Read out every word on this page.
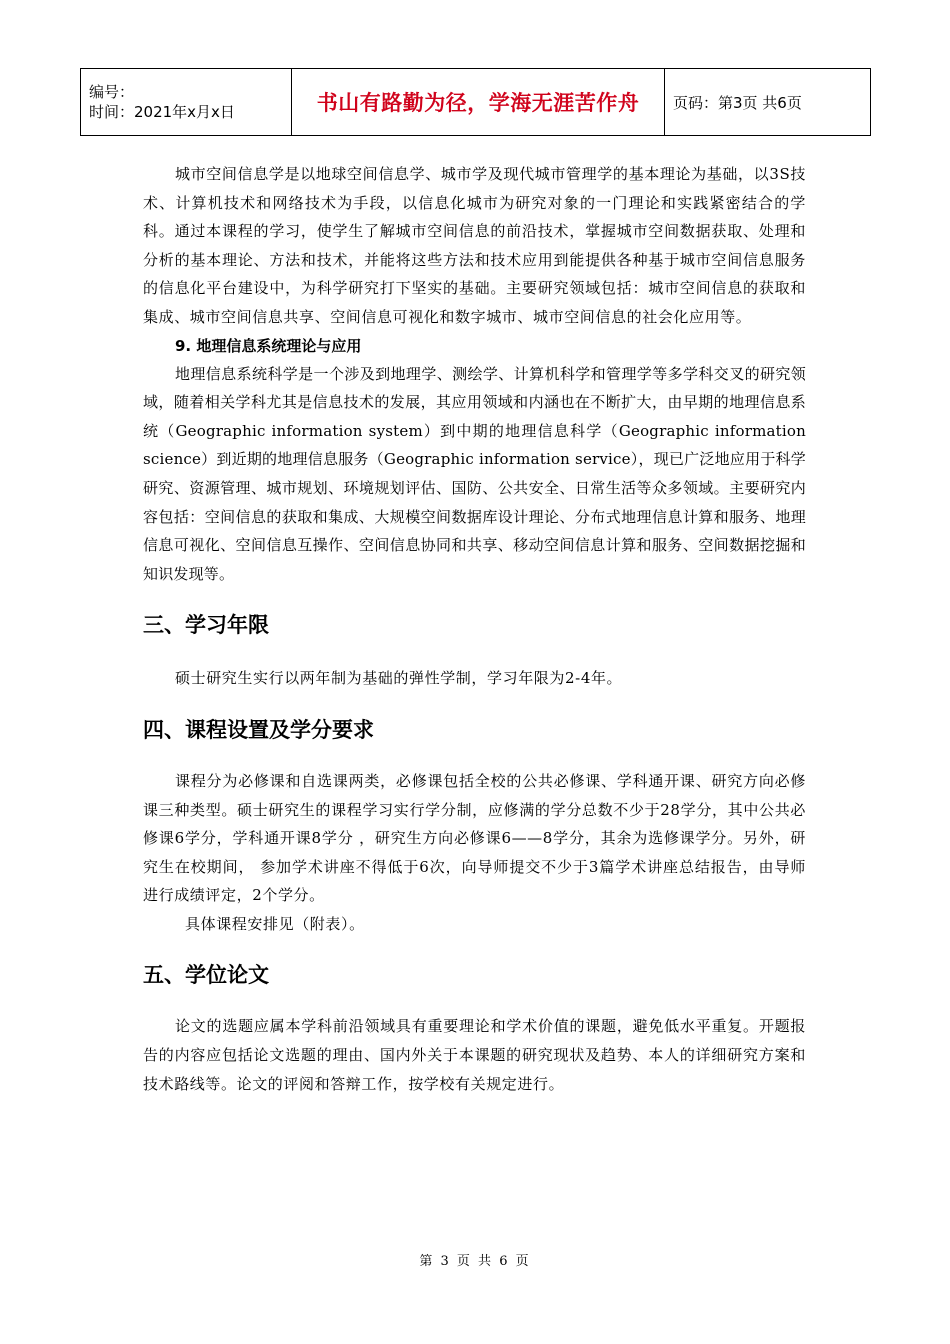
编号：
时间：2021年x月x日	书山有路勤为径，学海无涯苦作舟	页码：第3页 共6页

城市空间信息学是以地球空间信息学、城市学及现代城市管理学的基本理论为基础，以3S技术、计算机技术和网络技术为手段，以信息化城市为研究对象的一门理论和实践紧密结合的学科。通过本课程的学习，使学生了解城市空间信息的前沿技术，掌握城市空间数据获取、处理和分析的基本理论、方法和技术，并能将这些方法和技术应用到能提供各种基于城市空间信息服务的信息化平台建设中，为科学研究打下坚实的基础。主要研究领域包括：城市空间信息的获取和集成、城市空间信息共享、空间信息可视化和数字城市、城市空间信息的社会化应用等。

9. 地理信息系统理论与应用

地理信息系统科学是一个涉及到地理学、测绘学、计算机科学和管理学等多学科交叉的研究领域，随着相关学科尤其是信息技术的发展，其应用领域和内涵也在不断扩大，由早期的地理信息系统（Geographic information system）到中期的地理信息科学（Geographic information science）到近期的地理信息服务（Geographic information service），现已广泛地应用于科学研究、资源管理、城市规划、环境规划评估、国防、公共安全、日常生活等众多领域。主要研究内容包括：空间信息的获取和集成、大规模空间数据库设计理论、分布式地理信息计算和服务、地理信息可视化、空间信息互操作、空间信息协同和共享、移动空间信息计算和服务、空间数据挖掘和知识发现等。

三、学习年限

硕士研究生实行以两年制为基础的弹性学制，学习年限为2-4年。

四、课程设置及学分要求

课程分为必修课和自选课两类，必修课包括全校的公共必修课、学科通开课、研究方向必修课三种类型。硕士研究生的课程学习实行学分制，应修满的学分总数不少于28学分，其中公共必修课6学分，学科通开课8学分 ，研究生方向必修课6——8学分，其余为选修课学分。另外，研究生在校期间， 参加学术讲座不得低于6次，向导师提交不少于3篇学术讲座总结报告，由导师进行成绩评定，2个学分。

具体课程安排见（附表）。

五、学位论文

论文的选题应属本学科前沿领域具有重要理论和学术价值的课题，避免低水平重复。开题报告的内容应包括论文选题的理由、国内外关于本课题的研究现状及趋势、本人的详细研究方案和技术路线等。论文的评阅和答辩工作，按学校有关规定进行。

第 3 页 共 6 页
